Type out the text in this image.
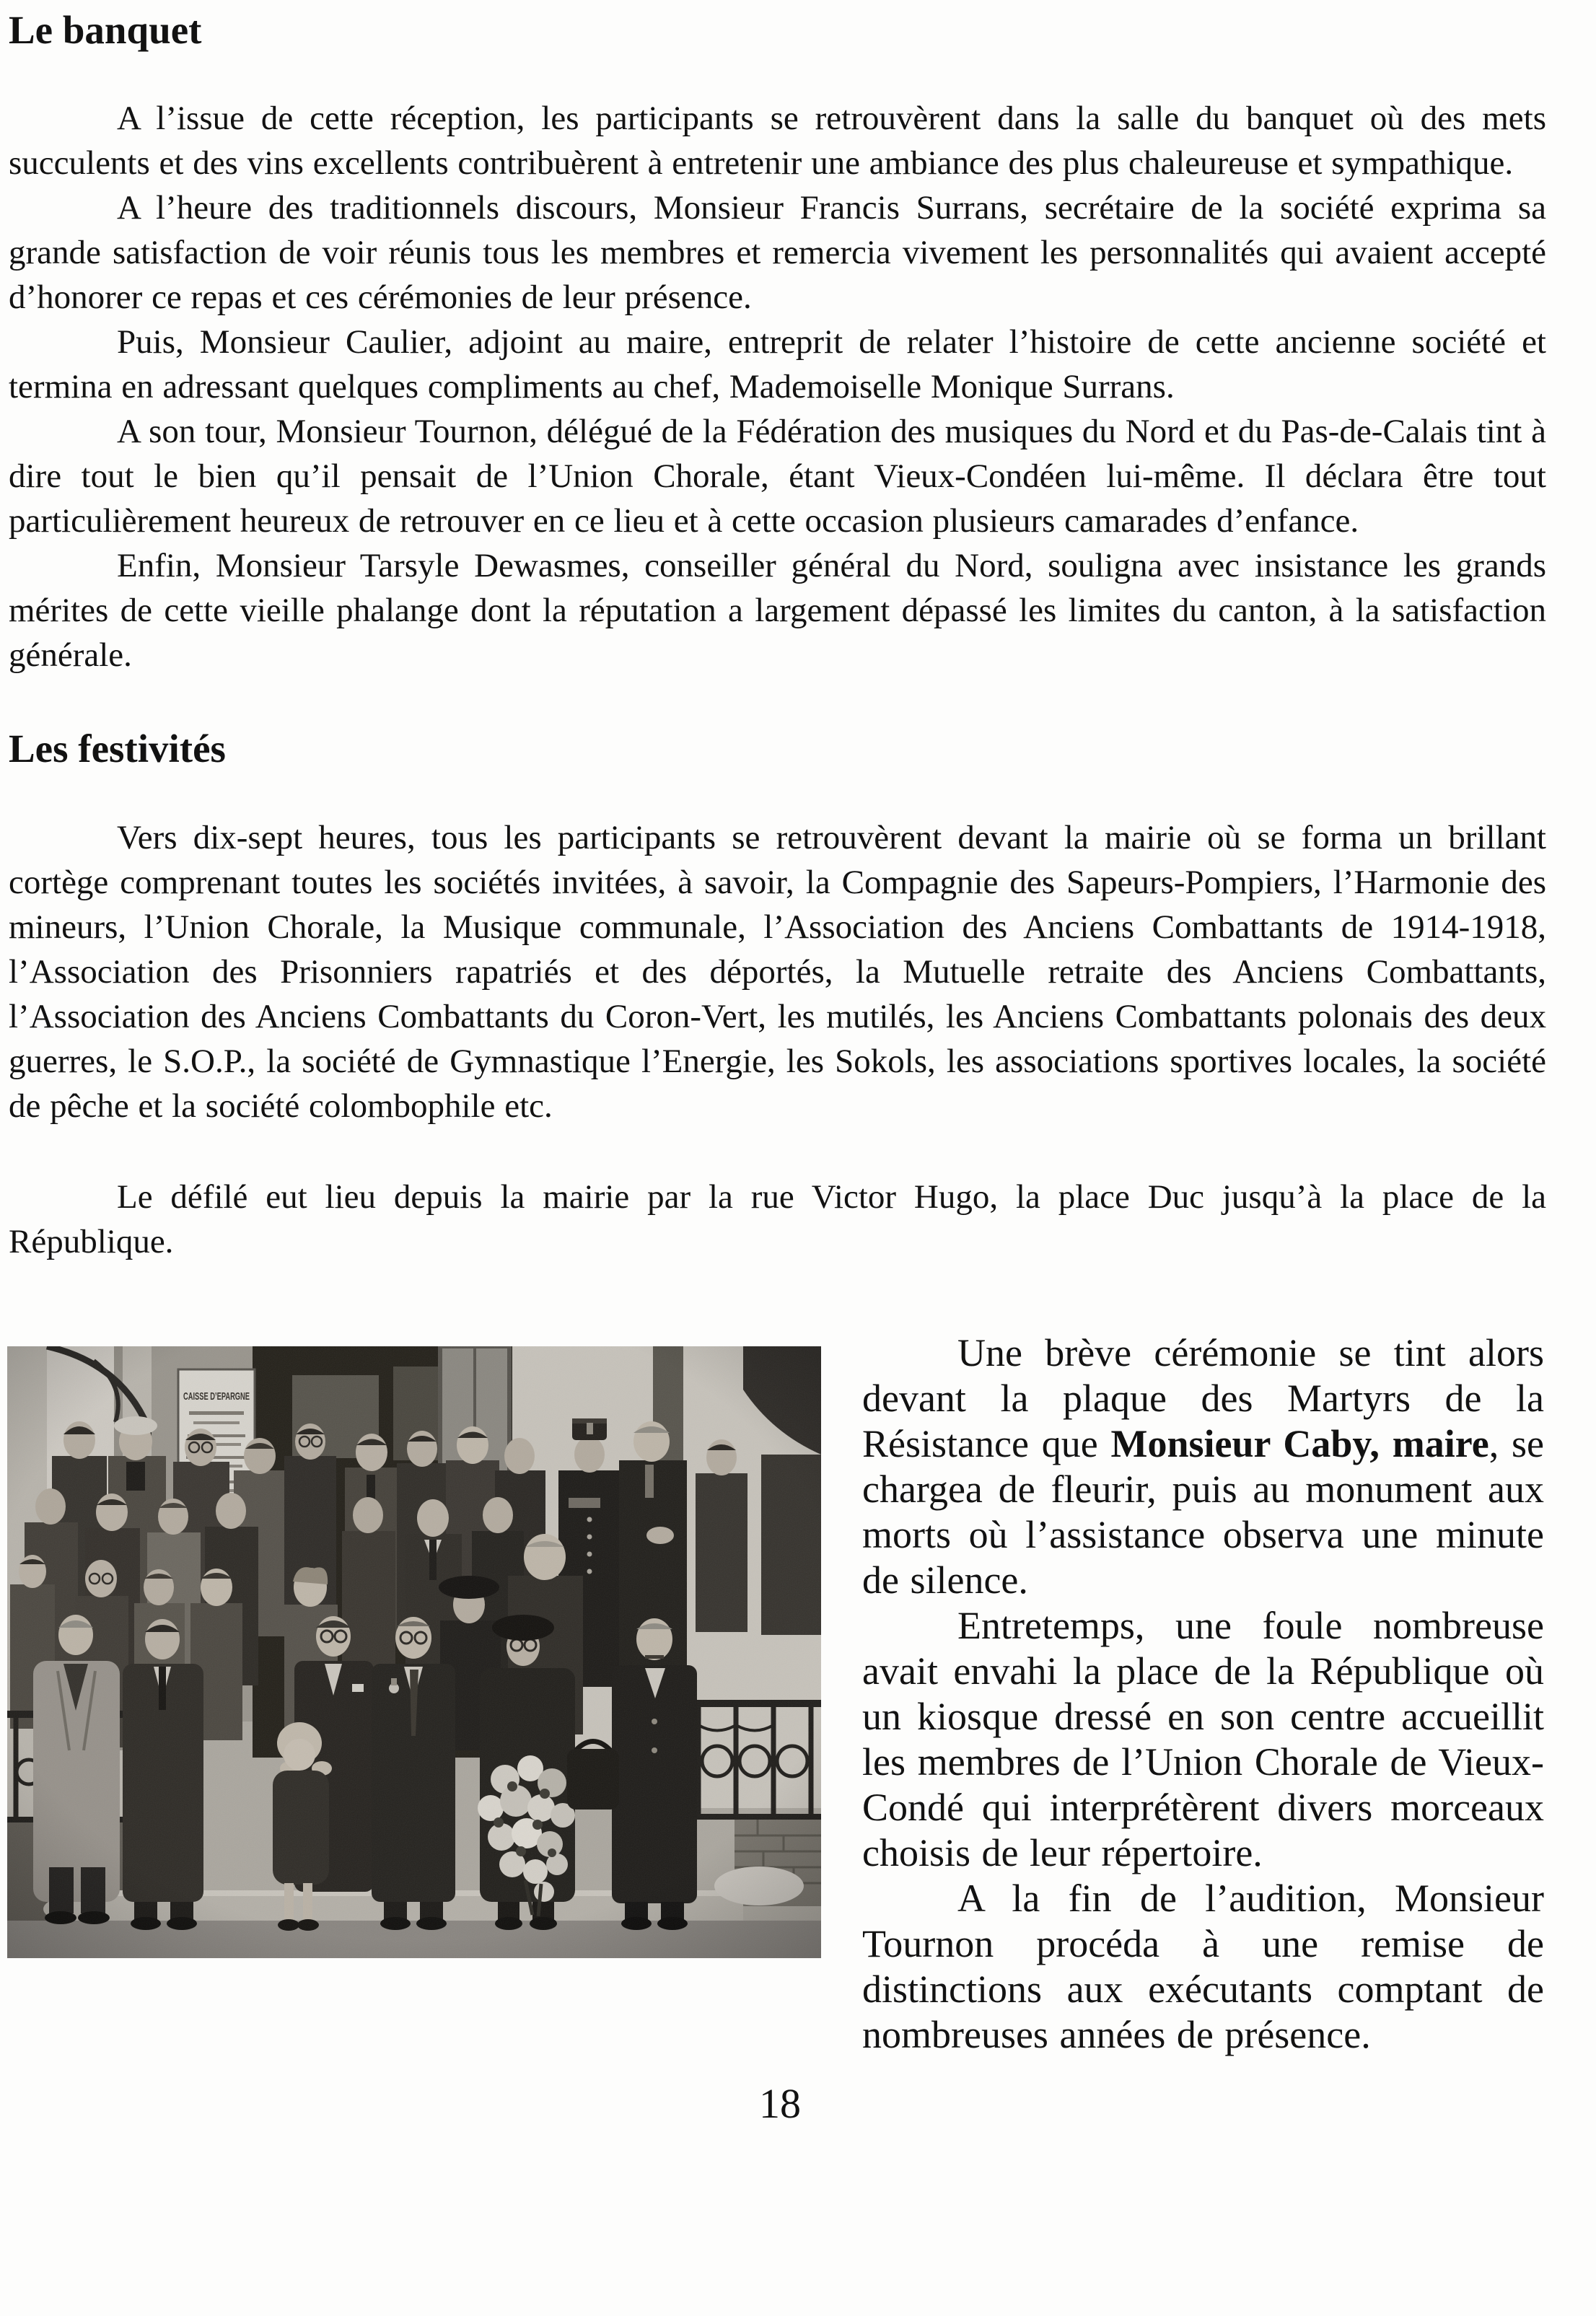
Le banquet

A l’issue de cette réception, les participants se retrouvèrent dans la salle du banquet où des mets succulents et des vins excellents contribuèrent à entretenir une ambiance des plus chaleureuse et sympathique.

A l’heure des traditionnels discours, Monsieur Francis Surrans, secrétaire de la société exprima sa grande satisfaction de voir réunis tous les membres et remercia vivement les personnalités qui avaient accepté d’honorer ce repas et ces cérémonies de leur présence.

Puis, Monsieur Caulier, adjoint au maire, entreprit de relater l’histoire de cette ancienne société et termina en adressant quelques compliments au chef, Mademoiselle Monique Surrans.

A son tour, Monsieur Tournon, délégué de la Fédération des musiques du Nord et du Pas-de-Calais tint à dire tout le bien qu’il pensait de l’Union Chorale, étant Vieux-Condéen lui-même. Il déclara être tout particulièrement heureux de retrouver en ce lieu et à cette occasion plusieurs camarades d’enfance.

Enfin, Monsieur Tarsyle Dewasmes, conseiller général du Nord, souligna avec insistance les grands mérites de cette vieille phalange dont la réputation a largement dépassé les limites du canton, à la satisfaction générale.

Les festivités

Vers dix-sept heures, tous les participants se retrouvèrent devant la mairie où se forma un brillant cortège comprenant toutes les sociétés invitées, à savoir, la Compagnie des Sapeurs-Pompiers, l’Harmonie des mineurs, l’Union Chorale, la Musique communale, l’Association des Anciens Combattants de 1914-1918, l’Association des Prisonniers rapatriés et des déportés, la Mutuelle retraite des Anciens Combattants, l’Association des Anciens Combattants du Coron-Vert, les mutilés, les Anciens Combattants polonais des deux guerres, le S.O.P., la société de Gymnastique l’Energie, les Sokols, les associations sportives locales, la société de pêche et la société colombophile etc.

Le défilé eut lieu depuis la mairie par la rue Victor Hugo, la place Duc jusqu’à la place de la République.

Une brève cérémonie se tint alors devant la plaque des Martyrs de la Résistance que Monsieur Caby, maire, se chargea de fleurir, puis au monument aux morts où l’assistance observa une minute de silence.

Entretemps, une foule nombreuse avait envahi la place de la République où un kiosque dressé en son centre accueillit les membres de l’Union Chorale de Vieux-Condé qui interprétèrent divers morceaux choisis de leur répertoire.

A la fin de l’audition, Monsieur Tournon procéda à une remise de distinctions aux exécutants comptant de nombreuses années de présence.

18
